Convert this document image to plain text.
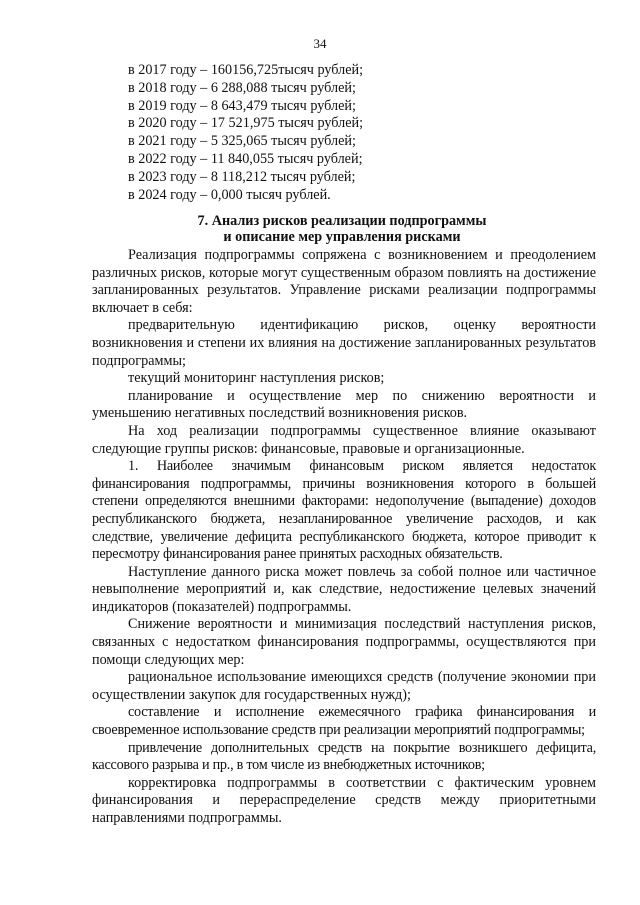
34
в 2017 году – 160156,725тысяч рублей;
в 2018 году – 6 288,088 тысяч рублей;
в 2019 году – 8 643,479 тысяч рублей;
в 2020 году – 17 521,975 тысяч рублей;
в 2021 году – 5 325,065 тысяч рублей;
в 2022 году – 11 840,055 тысяч рублей;
в 2023 году – 8 118,212 тысяч рублей;
в 2024 году – 0,000 тысяч рублей.
7. Анализ рисков реализации подпрограммы
и описание мер управления рисками

Реализация подпрограммы сопряжена с возникновением и преодолением различных рисков, которые могут существенным образом повлиять на достижение запланированных результатов. Управление рисками реализации подпрограммы включает в себя:

предварительную идентификацию рисков, оценку вероятности возникновения и степени их влияния на достижение запланированных результатов подпрограммы;

текущий мониторинг наступления рисков;

планирование и осуществление мер по снижению вероятности и уменьшению негативных последствий возникновения рисков.

На ход реализации подпрограммы существенное влияние оказывают следующие группы рисков: финансовые, правовые и организационные.

1. Наиболее значимым финансовым риском является недостаток финансирования подпрограммы, причины возникновения которого в большей степени определяются внешними факторами: недополучение (выпадение) доходов республиканского бюджета, незапланированное увеличение расходов, и как следствие, увеличение дефицита республиканского бюджета, которое приводит к пересмотру финансирования ранее принятых расходных обязательств.

Наступление данного риска может повлечь за собой полное или частичное невыполнение мероприятий и, как следствие, недостижение целевых значений индикаторов (показателей) подпрограммы.

Снижение вероятности и минимизация последствий наступления рисков, связанных с недостатком финансирования подпрограммы, осуществляются при помощи следующих мер:

рациональное использование имеющихся средств (получение экономии при осуществлении закупок для государственных нужд);

составление и исполнение ежемесячного графика финансирования и своевременное использование средств при реализации мероприятий подпрограммы;

привлечение дополнительных средств на покрытие возникшего дефицита, кассового разрыва и пр., в том числе из внебюджетных источников;

корректировка подпрограммы в соответствии с фактическим уровнем финансирования и перераспределение средств между приоритетными направлениями подпрограммы.
